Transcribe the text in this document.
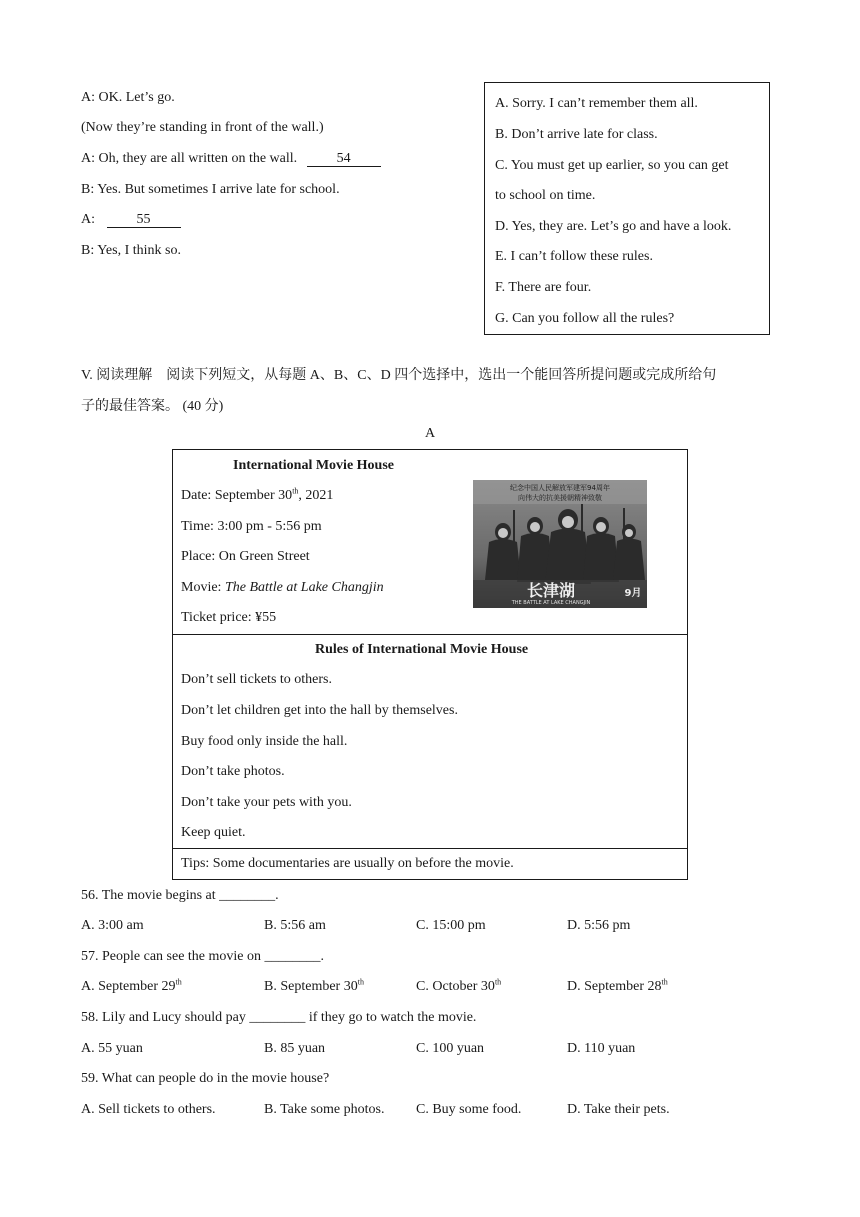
A: OK. Let’s go.
(Now they’re standing in front of the wall.)
A: Oh, they are all written on the wall.	54
B: Yes. But sometimes I arrive late for school.
A:	55
B: Yes, I think so.
A. Sorry. I can’t remember them all.
B. Don’t arrive late for class.
C. You must get up earlier, so you can get
to school on time.
D. Yes, they are. Let’s go and have a look.
E. I can’t follow these rules.
F. There are four.
G. Can you follow all the rules?
V. 阅读理解　阅读下列短文，从每题 A、B、C、D 四个选择中，选出一个能回答所提问题或完成所给句
子的最佳答案。 (40 分)
A
International Movie House
Date: September 30th, 2021
Time: 3:00 pm - 5:56 pm
Place: On Green Street
Movie: The Battle at Lake Changjin
Ticket price: ¥55
纪念中国人民解放军建军94周年
向伟大的抗美援朝精神致敬
长津湖
THE BATTLE AT LAKE CHANGJIN
9月
Rules of International Movie House
Don’t sell tickets to others.
Don’t let children get into the hall by themselves.
Buy food only inside the hall.
Don’t take photos.
Don’t take your pets with you.
Keep quiet.
Tips: Some documentaries are usually on before the movie.
56. The movie begins at ________.
A. 3:00 am	B. 5:56 am	C. 15:00 pm	D. 5:56 pm
57. People can see the movie on ________.
A. September 29th	B. September 30th	C. October 30th	D. September 28th
58. Lily and Lucy should pay ________ if they go to watch the movie.
A. 55 yuan	B. 85 yuan	C. 100 yuan	D. 110 yuan
59. What can people do in the movie house?
A. Sell tickets to others.	B. Take some photos. C. Buy some food.	D. Take their pets.
